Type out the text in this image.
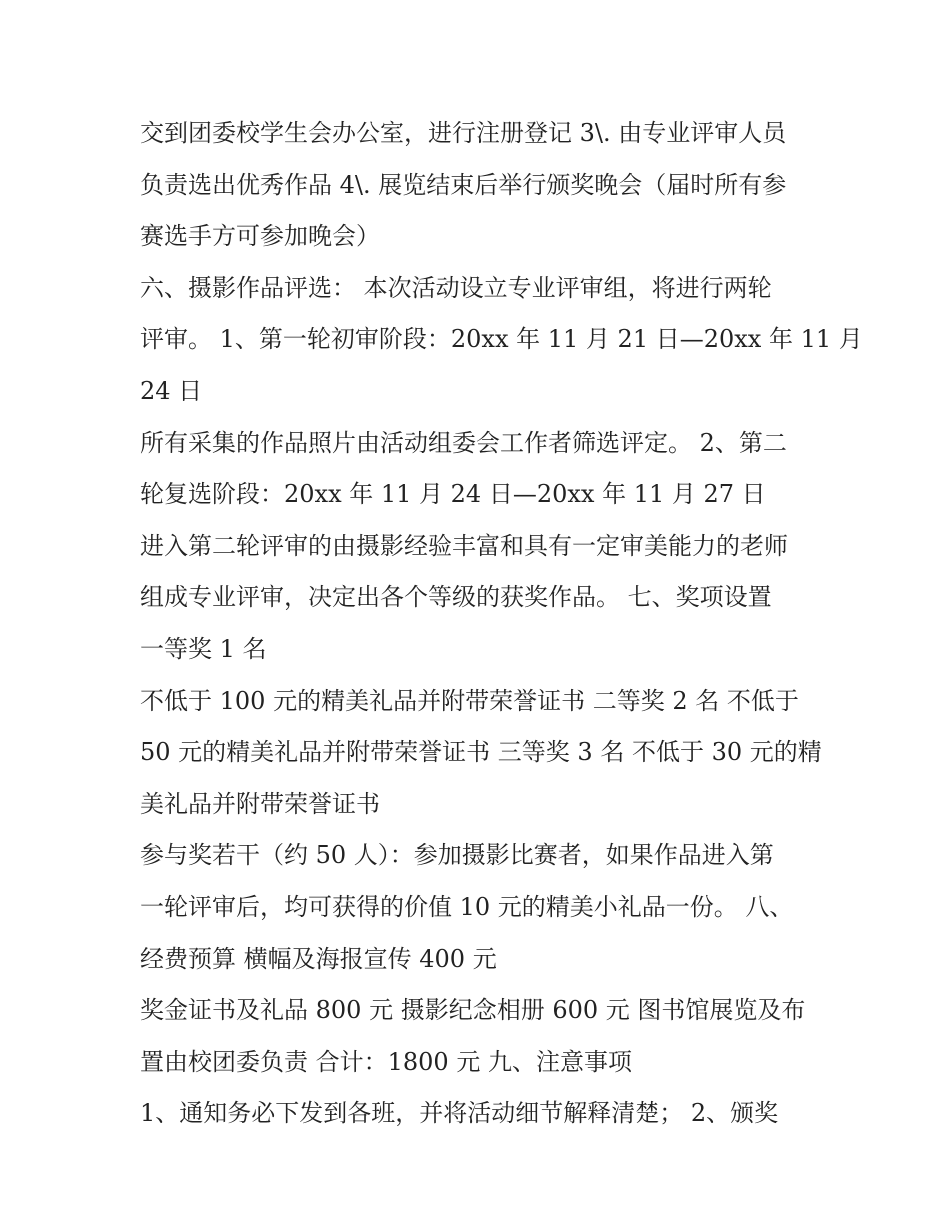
交到团委校学生会办公室，进行注册登记 3\. 由专业评审人员
负责选出优秀作品 4\. 展览结束后举行颁奖晚会（届时所有参
赛选手方可参加晚会）
六、摄影作品评选： 本次活动设立专业评审组，将进行两轮
评审。 1、第一轮初审阶段：20xx 年 11 月 21 日—20xx 年 11 月
24 日
所有采集的作品照片由活动组委会工作者筛选评定。 2、第二
轮复选阶段：20xx 年 11 月 24 日—20xx 年 11 月 27 日
进入第二轮评审的由摄影经验丰富和具有一定审美能力的老师
组成专业评审，决定出各个等级的获奖作品。 七、奖项设置
一等奖 1 名
不低于 100 元的精美礼品并附带荣誉证书 二等奖 2 名 不低于
50 元的精美礼品并附带荣誉证书 三等奖 3 名 不低于 30 元的精
美礼品并附带荣誉证书
参与奖若干（约 50 人）：参加摄影比赛者，如果作品进入第
一轮评审后，均可获得的价值 10 元的精美小礼品一份。 八、
经费预算 横幅及海报宣传 400 元
奖金证书及礼品 800 元 摄影纪念相册 600 元 图书馆展览及布
置由校团委负责 合计：1800 元 九、注意事项
1、通知务必下发到各班，并将活动细节解释清楚； 2、颁奖
